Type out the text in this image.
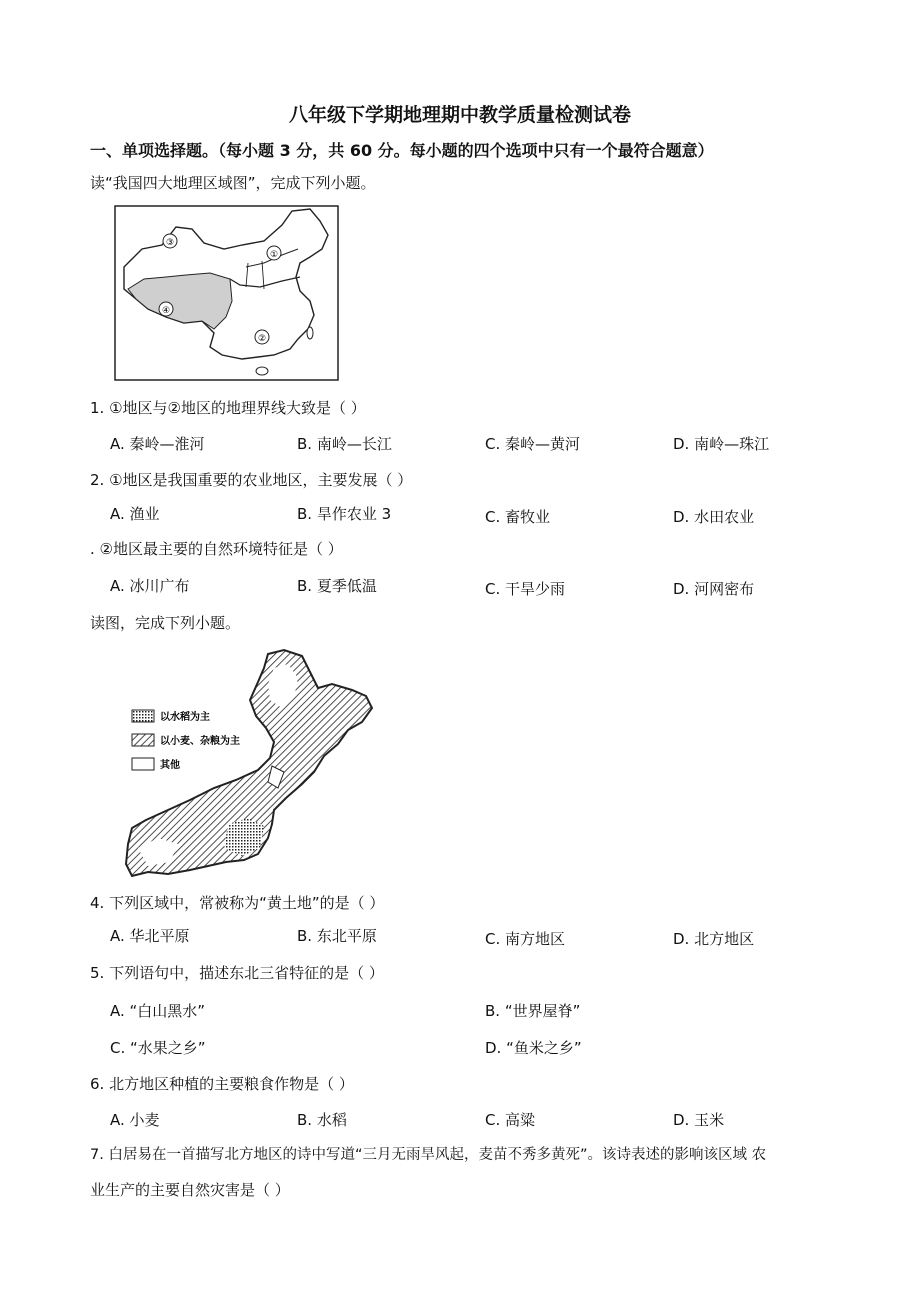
八年级下学期地理期中教学质量检测试卷
一、单项选择题。（每小题 3 分，共 60 分。每小题的四个选项中只有一个最符合题意）
读“我国四大地理区域图”，完成下列小题。
③
①
④
②
1. ①地区与②地区的地理界线大致是（ ）
A. 秦岭—淮河	B. 南岭—长江	C. 秦岭—黄河	D. 南岭—珠江
2. ①地区是我国重要的农业地区，主要发展（ ）
A. 渔业	B. 旱作农业 3	C. 畜牧业	D. 水田农业
. ②地区最主要的自然环境特征是（ ）
A. 冰川广布	B. 夏季低温	C. 干旱少雨	D. 河网密布
读图，完成下列小题。
以水稻为主
以小麦、杂粮为主
其他
4. 下列区域中，常被称为“黄土地”的是（ ）
A. 华北平原	B. 东北平原	C. 南方地区	D. 北方地区
5. 下列语句中，描述东北三省特征的是（ ）
A. “白山黑水”	B. “世界屋脊”
C. “水果之乡”	D. “鱼米之乡”
6. 北方地区种植的主要粮食作物是（ ）
A. 小麦	B. 水稻	C. 高粱	D. 玉米
7. 白居易在一首描写北方地区的诗中写道“三月无雨旱风起，麦苗不秀多黄死”。该诗表述的影响该区域 农
业生产的主要自然灾害是（ ）
